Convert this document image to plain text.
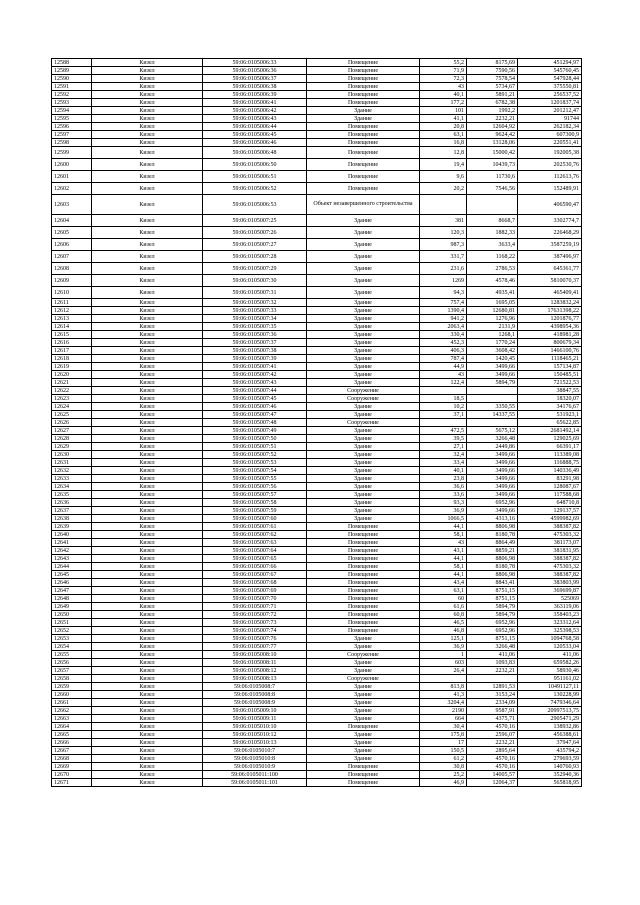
12588	Кизел	59:06:0105006:33	Помещение	55,2	8175,69	451294,97
12589	Кизел	59:06:0105006:36	Помещение	71,9	7590,56	545760,45
12590	Кизел	59:06:0105006:37	Помещение	72,3	7578,54	547928,44
12591	Кизел	59:06:0105006:38	Помещение	43	5734,67	375550,81
12592	Кизел	59:06:0105006:39	Помещение	40,1	5891,21	256537,52
12593	Кизел	59:06:0105006:41	Помещение	177,2	6782,38	1201837,74
12594	Кизел	59:06:0105006:42	Здание	101	1992,2	201212,47
12595	Кизел	59:06:0105006:43	Здание	41,1	2232,21	91744
12596	Кизел	59:06:0105006:44	Помещение	20,8	12604,92	262182,34
12597	Кизел	59:06:0105006:45	Помещение	63,1	9624,42	607300,9
12598	Кизел	59:06:0105006:46	Помещение	16,8	13128,06	220551,41
12599	Кизел	59:06:0105006:48	Помещение	12,8	15000,42	192005,38
12600	Кизел	59:06:0105006:50	Помещение	19,4	10439,73	202530,76
12601	Кизел	59:06:0105006:51	Помещение	9,6	11730,6	112613,76
12602	Кизел	59:06:0105006:52	Помещение	20,2	7546,56	152489,91
12603	Кизел	59:06:0105006:53	Объект незавершенного строительства			406590,47
12604	Кизел	59:06:0105007:25	Здание	381	8668,7	3302774,7
12605	Кизел	59:06:0105007:26	Здание	120,3	1882,33	226468,29
12606	Кизел	59:06:0105007:27	Здание	987,3	3633,4	3587259,19
12607	Кизел	59:06:0105007:28	Здание	331,7	1168,22	387496,97
12608	Кизел	59:06:0105007:29	Здание	231,6	2786,53	645361,77
12609	Кизел	59:06:0105007:30	Здание	1269	4578,46	5810070,37
12610	Кизел	59:06:0105007:31	Здание	94,3	4935,41	465409,41
12611	Кизел	59:06:0105007:32	Здание	757,4	1695,05	1283832,24
12612	Кизел	59:06:0105007:33	Здание	1390,4	12680,81	17631398,22
12613	Кизел	59:06:0105007:34	Здание	941,2	1276,96	1201876,77
12614	Кизел	59:06:0105007:35	Здание	2063,4	2131,9	4398954,36
12615	Кизел	59:06:0105007:36	Здание	330,4	1268,1	418981,28
12616	Кизел	59:06:0105007:37	Здание	452,3	1770,24	800679,34
12617	Кизел	59:06:0105007:38	Здание	406,3	3608,42	1466100,76
12618	Кизел	59:06:0105007:39	Здание	787,4	1420,45	1118465,21
12619	Кизел	59:06:0105007:41	Здание	44,9	3499,66	157134,87
12620	Кизел	59:06:0105007:42	Здание	43	3499,66	150485,51
12621	Кизел	59:06:0105007:43	Здание	122,4	5894,79	721522,53
12622	Кизел	59:06:0105007:44	Сооружение			38847,55
12623	Кизел	59:06:0105007:45	Сооружение	18,5		18320,07
12624	Кизел	59:06:0105007:46	Здание	10,2	3350,55	34176,67
12625	Кизел	59:06:0105007:47	Здание	37,1	14337,55	531923,1
12626	Кизел	59:06:0105007:48	Сооружение			65622,85
12627	Кизел	59:06:0105007:49	Здание	472,5	5675,12	2681492,14
12628	Кизел	59:06:0105007:50	Здание	39,5	3266,48	129025,69
12629	Кизел	59:06:0105007:51	Здание	27,1	2449,86	66391,17
12630	Кизел	59:06:0105007:52	Здание	32,4	3499,66	113389,08
12631	Кизел	59:06:0105007:53	Здание	33,4	3499,66	116888,75
12632	Кизел	59:06:0105007:54	Здание	40,1	3499,66	140336,49
12633	Кизел	59:06:0105007:55	Здание	23,8	3499,66	83291,98
12634	Кизел	59:06:0105007:56	Здание	36,6	3499,66	128087,67
12635	Кизел	59:06:0105007:57	Здание	33,6	3499,66	117588,68
12636	Кизел	59:06:0105007:58	Здание	93,3	6952,96	648710,8
12637	Кизел	59:06:0105007:59	Здание	36,9	3499,66	129137,57
12638	Кизел	59:06:0105007:60	Здание	1066,5	4313,16	4599982,69
12639	Кизел	59:06:0105007:61	Помещение	44,1	8806,98	388387,82
12640	Кизел	59:06:0105007:62	Помещение	58,1	8180,78	475303,32
12641	Кизел	59:06:0105007:63	Помещение	43	8864,49	381173,07
12642	Кизел	59:06:0105007:64	Помещение	43,1	8859,21	381831,95
12643	Кизел	59:06:0105007:65	Помещение	44,1	8806,98	388387,82
12644	Кизел	59:06:0105007:66	Помещение	58,1	8180,78	475303,32
12645	Кизел	59:06:0105007:67	Помещение	44,1	8806,98	388387,82
12646	Кизел	59:06:0105007:68	Помещение	43,4	8843,41	383803,99
12647	Кизел	59:06:0105007:69	Помещение	63,1	8751,15	369699,87
12648	Кизел	59:06:0105007:70	Помещение	60	8751,15	525069
12649	Кизел	59:06:0105007:71	Помещение	61,6	5894,79	363119,06
12650	Кизел	59:06:0105007:72	Помещение	60,8	5894,79	358403,23
12651	Кизел	59:06:0105007:73	Помещение	46,5	6952,96	323312,64
12652	Кизел	59:06:0105007:74	Помещение	46,8	6952,96	325398,53
12653	Кизел	59:06:0105007:76	Здание	125,1	8751,15	1094768,58
12654	Кизел	59:06:0105007:77	Здание	36,9	3266,48	120533,04
12655	Кизел	59:06:0105008:10	Сооружение	1	411,06	411,06
12656	Кизел	59:06:0105008:11	Здание	603	1093,83	659582,26
12657	Кизел	59:06:0105008:12	Здание	26,4	2232,21	58930,46
12658	Кизел	59:06:0105008:13	Сооружение			951161,02
12659	Кизел	59:06:0105008:7	Здание	813,8	12891,53	10491127,11
12660	Кизел	59:06:0105008:8	Здание	41,3	3153,24	130228,99
12661	Кизел	59:06:0105008:9	Здание	3204,4	2334,09	7479346,64
12662	Кизел	59:06:0105009:10	Здание	2190	9587,91	20997513,75
12663	Кизел	59:06:0105009:11	Здание	664	4375,71	2905471,29
12664	Кизел	59:06:0105010:10	Помещение	30,4	4570,16	138932,86
12665	Кизел	59:06:0105010:12	Здание	175,8	2596,07	456388,61
12666	Кизел	59:06:0105010:13	Здание	17	2232,21	37947,64
12667	Кизел	59:06:0105010:7	Здание	150,5	2895,64	435794,2
12668	Кизел	59:06:0105010:8	Здание	61,2	4570,16	279693,59
12669	Кизел	59:06:0105010:9	Помещение	30,8	4570,16	140760,93
12670	Кизел	59:06:0105011:100	Помещение	25,2	14005,57	352940,36
12671	Кизел	59:06:0105011:101	Помещение	46,9	12064,37	565818,95
